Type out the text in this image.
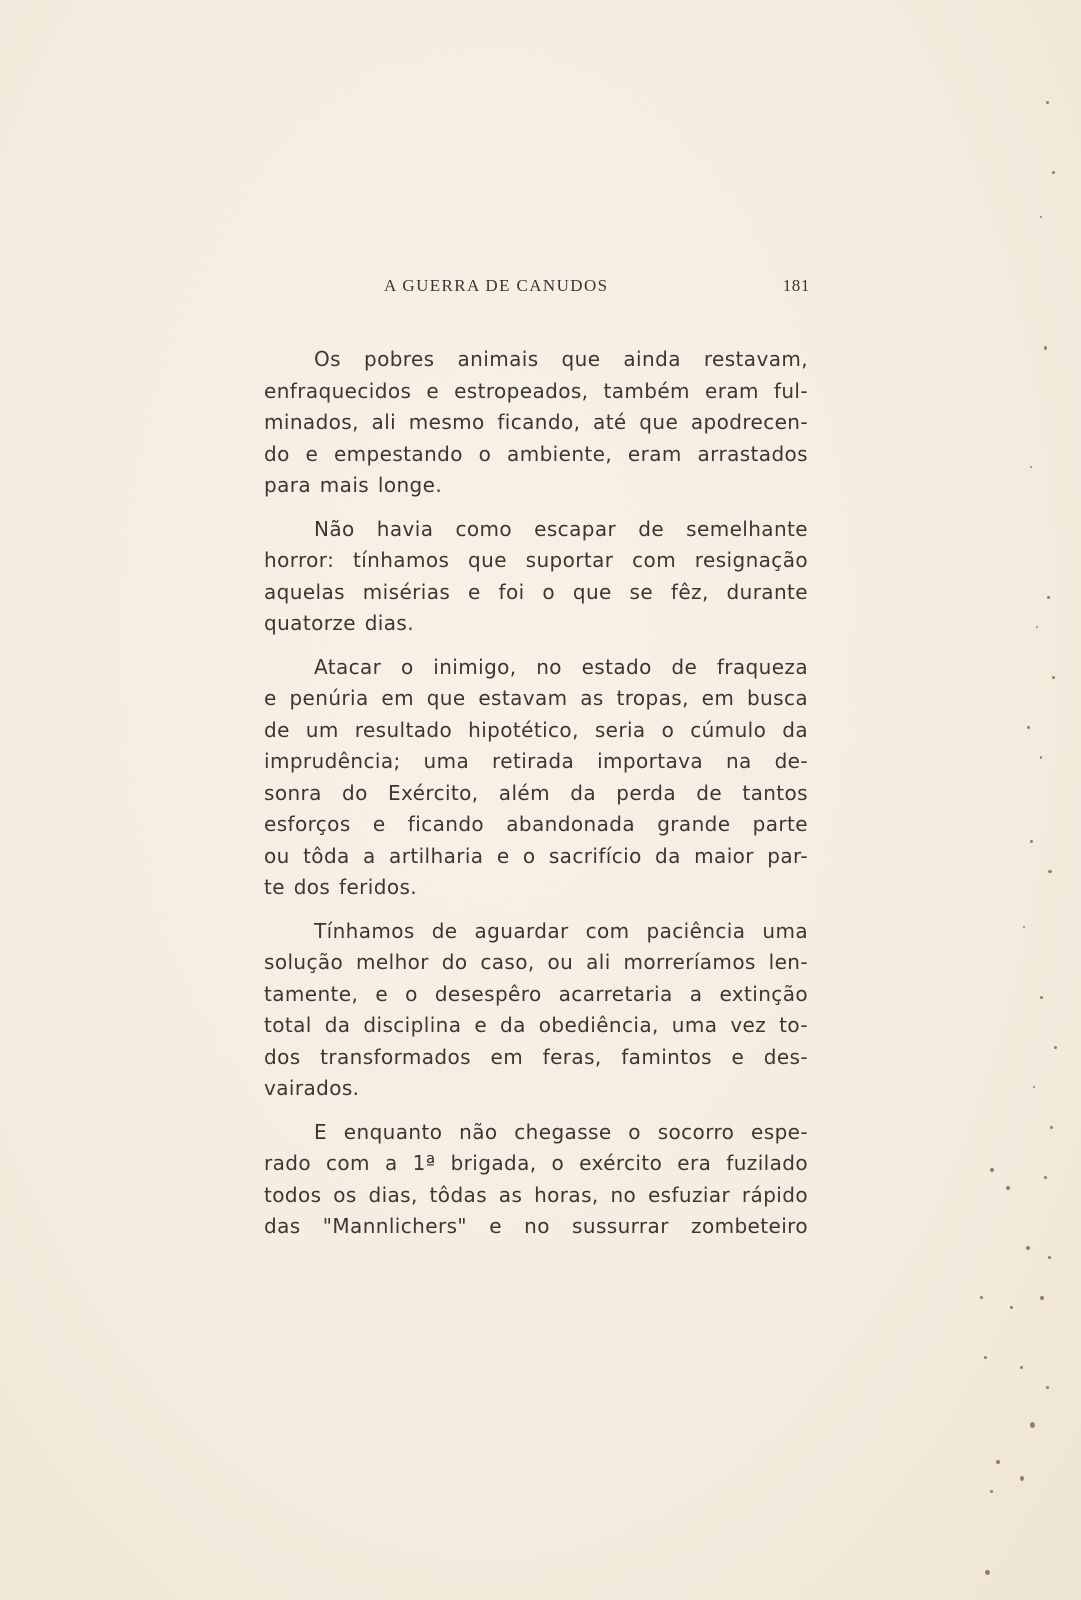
A GUERRA DE CANUDOS	181

Os pobres animais que ainda restavam,
enfraquecidos e estropeados, também eram ful-
minados, ali mesmo ficando, até que apodrecen-
do e empestando o ambiente, eram arrastados
para mais longe.

Não havia como escapar de semelhante
horror: tínhamos que suportar com resignação
aquelas misérias e foi o que se fêz, durante
quatorze dias.

Atacar o inimigo, no estado de fraqueza
e penúria em que estavam as tropas, em busca
de um resultado hipotético, seria o cúmulo da
imprudência; uma retirada importava na de-
sonra do Exército, além da perda de tantos
esforços e ficando abandonada grande parte
ou tôda a artilharia e o sacrifício da maior par-
te dos feridos.

Tínhamos de aguardar com paciência uma
solução melhor do caso, ou ali morreríamos len-
tamente, e o desespêro acarretaria a extinção
total da disciplina e da obediência, uma vez to-
dos transformados em feras, famintos e des-
vairados.

E enquanto não chegasse o socorro espe-
rado com a 1ª brigada, o exército era fuzilado
todos os dias, tôdas as horas, no esfuziar rápido
das "Mannlichers" e no sussurrar zombeteiro
